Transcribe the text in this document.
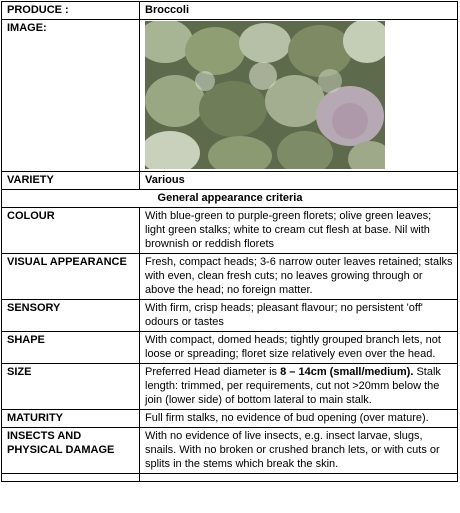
PRODUCE :	Broccoli
IMAGE:	

VARIETY	Various
General appearance criteria	
COLOUR	With blue-green to purple-green florets; olive green leaves; light green stalks; white to cream cut flesh at base. Nil with brownish or reddish florets
VISUAL APPEARANCE	Fresh, compact heads; 3-6 narrow outer leaves retained; stalks with even, clean fresh cuts; no leaves growing through or above the head; no foreign matter.
SENSORY	With firm, crisp heads; pleasant flavour; no persistent 'off' odours or tastes
SHAPE	With compact, domed heads; tightly grouped branch lets, not loose or spreading; floret size relatively even over the head.
SIZE	Preferred Head diameter is 8 – 14cm (small/medium). Stalk length: trimmed, per requirements, cut not >20mm below the join (lower side) of bottom lateral to main stalk.
MATURITY	Full firm stalks, no evidence of bud opening (over mature).
INSECTS AND PHYSICAL DAMAGE	With no evidence of live insects, e.g. insect larvae, slugs, snails. With no broken or crushed branch lets, or with cuts or splits in the stems which break the skin.
